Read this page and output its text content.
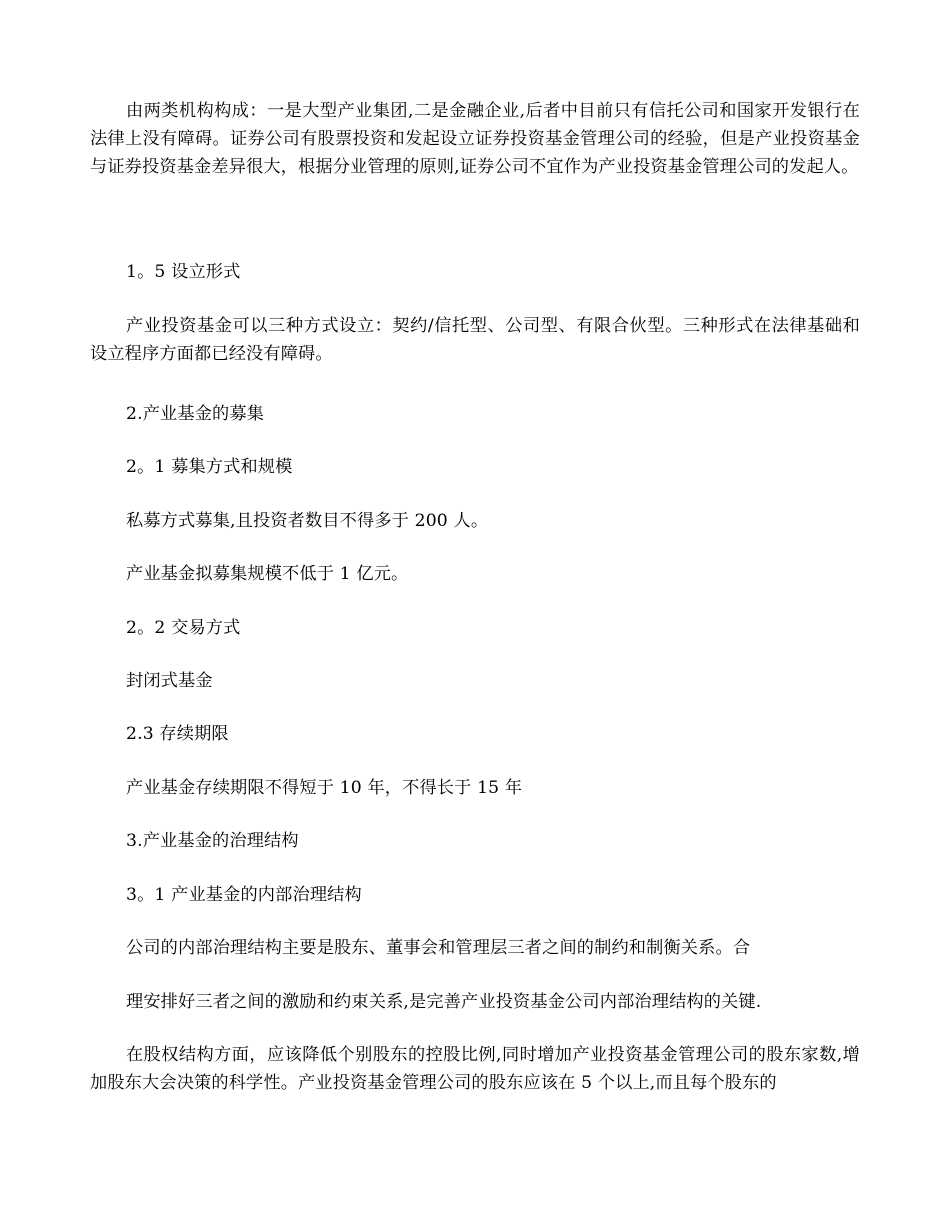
由两类机构构成：一是大型产业集团,二是金融企业,后者中目前只有信托公司和国家开发银行在法律上没有障碍。证券公司有股票投资和发起设立证券投资基金管理公司的经验，但是产业投资基金与证券投资基金差异很大，根据分业管理的原则,证券公司不宜作为产业投资基金管理公司的发起人。

1。5 设立形式

产业投资基金可以三种方式设立：契约/信托型、公司型、有限合伙型。三种形式在法律基础和设立程序方面都已经没有障碍。

2.产业基金的募集

2。1 募集方式和规模

私募方式募集,且投资者数目不得多于 200 人。

产业基金拟募集规模不低于 1 亿元。

2。2 交易方式

封闭式基金

2.3 存续期限

产业基金存续期限不得短于 10 年，不得长于 15 年

3.产业基金的治理结构

3。1 产业基金的内部治理结构

公司的内部治理结构主要是股东、董事会和管理层三者之间的制约和制衡关系。合

理安排好三者之间的激励和约束关系,是完善产业投资基金公司内部治理结构的关键.

在股权结构方面，应该降低个别股东的控股比例,同时增加产业投资基金管理公司的股东家数,增加股东大会决策的科学性。产业投资基金管理公司的股东应该在 5 个以上,而且每个股东的
